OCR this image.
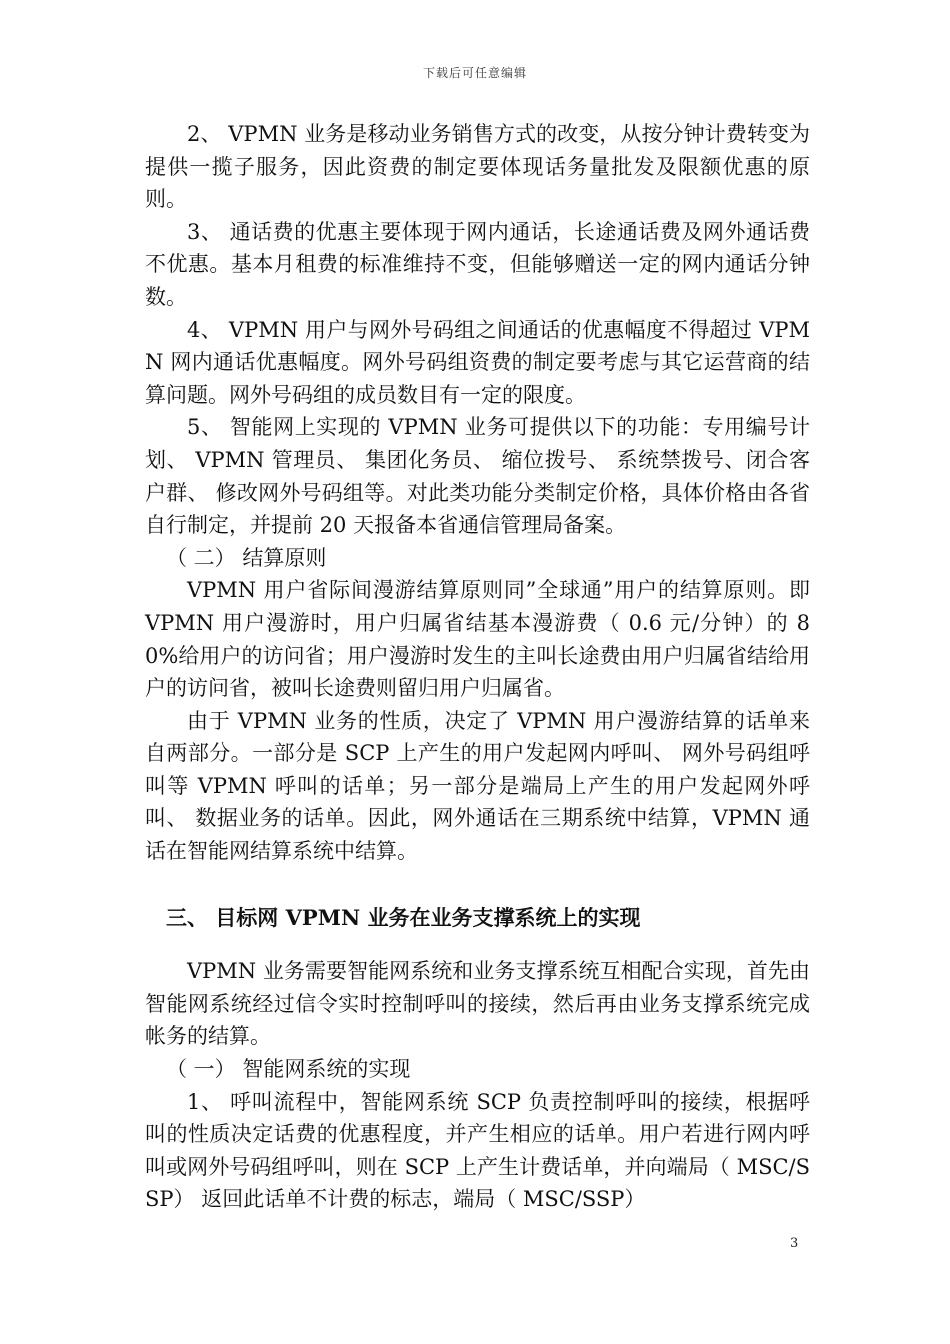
下载后可任意编辑

2、 VPMN 业务是移动业务销售方式的改变，从按分钟计费转变为提供一揽子服务，因此资费的制定要体现话务量批发及限额优惠的原则。

3、 通话费的优惠主要体现于网内通话，长途通话费及网外通话费不优惠。基本月租费的标准维持不变，但能够赠送一定的网内通话分钟数。

4、 VPMN 用户与网外号码组之间通话的优惠幅度不得超过 VPMN 网内通话优惠幅度。网外号码组资费的制定要考虑与其它运营商的结算问题。网外号码组的成员数目有一定的限度。

5、 智能网上实现的 VPMN 业务可提供以下的功能：专用编号计划、 VPMN 管理员、 集团化务员、 缩位拨号、 系统禁拨号、闭合客户群、 修改网外号码组等。对此类功能分类制定价格，具体价格由各省自行制定，并提前 20 天报备本省通信管理局备案。

（ 二） 结算原则

VPMN 用户省际间漫游结算原则同”全球通”用户的结算原则。即 VPMN 用户漫游时，用户归属省结基本漫游费（ 0.6 元/分钟）的 80%给用户的访问省；用户漫游时发生的主叫长途费由用户归属省结给用户的访问省，被叫长途费则留归用户归属省。

由于 VPMN 业务的性质，决定了 VPMN 用户漫游结算的话单来自两部分。一部分是 SCP 上产生的用户发起网内呼叫、 网外号码组呼叫等 VPMN 呼叫的话单；另一部分是端局上产生的用户发起网外呼叫、 数据业务的话单。因此，网外通话在三期系统中结算，VPMN 通话在智能网结算系统中结算。

三、 目标网 VPMN 业务在业务支撑系统上的实现

VPMN 业务需要智能网系统和业务支撑系统互相配合实现，首先由智能网系统经过信令实时控制呼叫的接续，然后再由业务支撑系统完成帐务的结算。

（ 一） 智能网系统的实现

1、 呼叫流程中，智能网系统 SCP 负责控制呼叫的接续，根据呼叫的性质决定话费的优惠程度，并产生相应的话单。用户若进行网内呼叫或网外号码组呼叫，则在 SCP 上产生计费话单，并向端局（ MSC/SSP） 返回此话单不计费的标志，端局（ MSC/SSP）

3
